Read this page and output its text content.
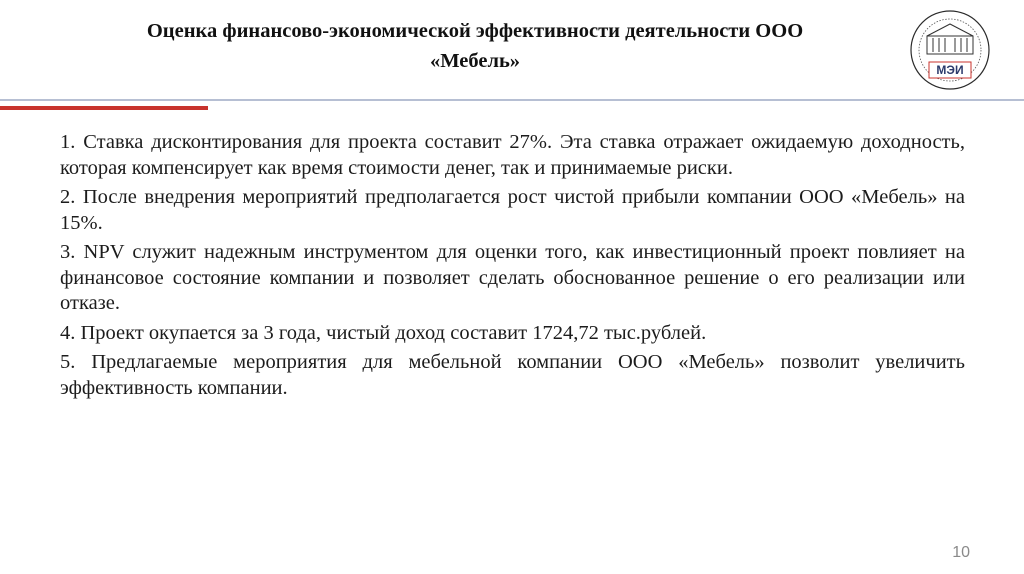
Оценка финансово-экономической эффективности деятельности ООО
«Мебель»	МЭИ

1. Ставка дисконтирования для проекта составит 27%. Эта ставка отражает ожидаемую доходность, которая компенсирует как время стоимости денег, так и принимаемые риски.

2. После внедрения мероприятий предполагается рост чистой прибыли компании ООО «Мебель» на 15%.

3. NPV служит надежным инструментом для оценки того, как инвестиционный проект повлияет на финансовое состояние компании и позволяет сделать обоснованное решение о его реализации или отказе.

4. Проект окупается за 3 года, чистый доход составит 1724,72 тыс.рублей.

5. Предлагаемые мероприятия для мебельной компании ООО «Мебель» позволит увеличить эффективность компании.

10
